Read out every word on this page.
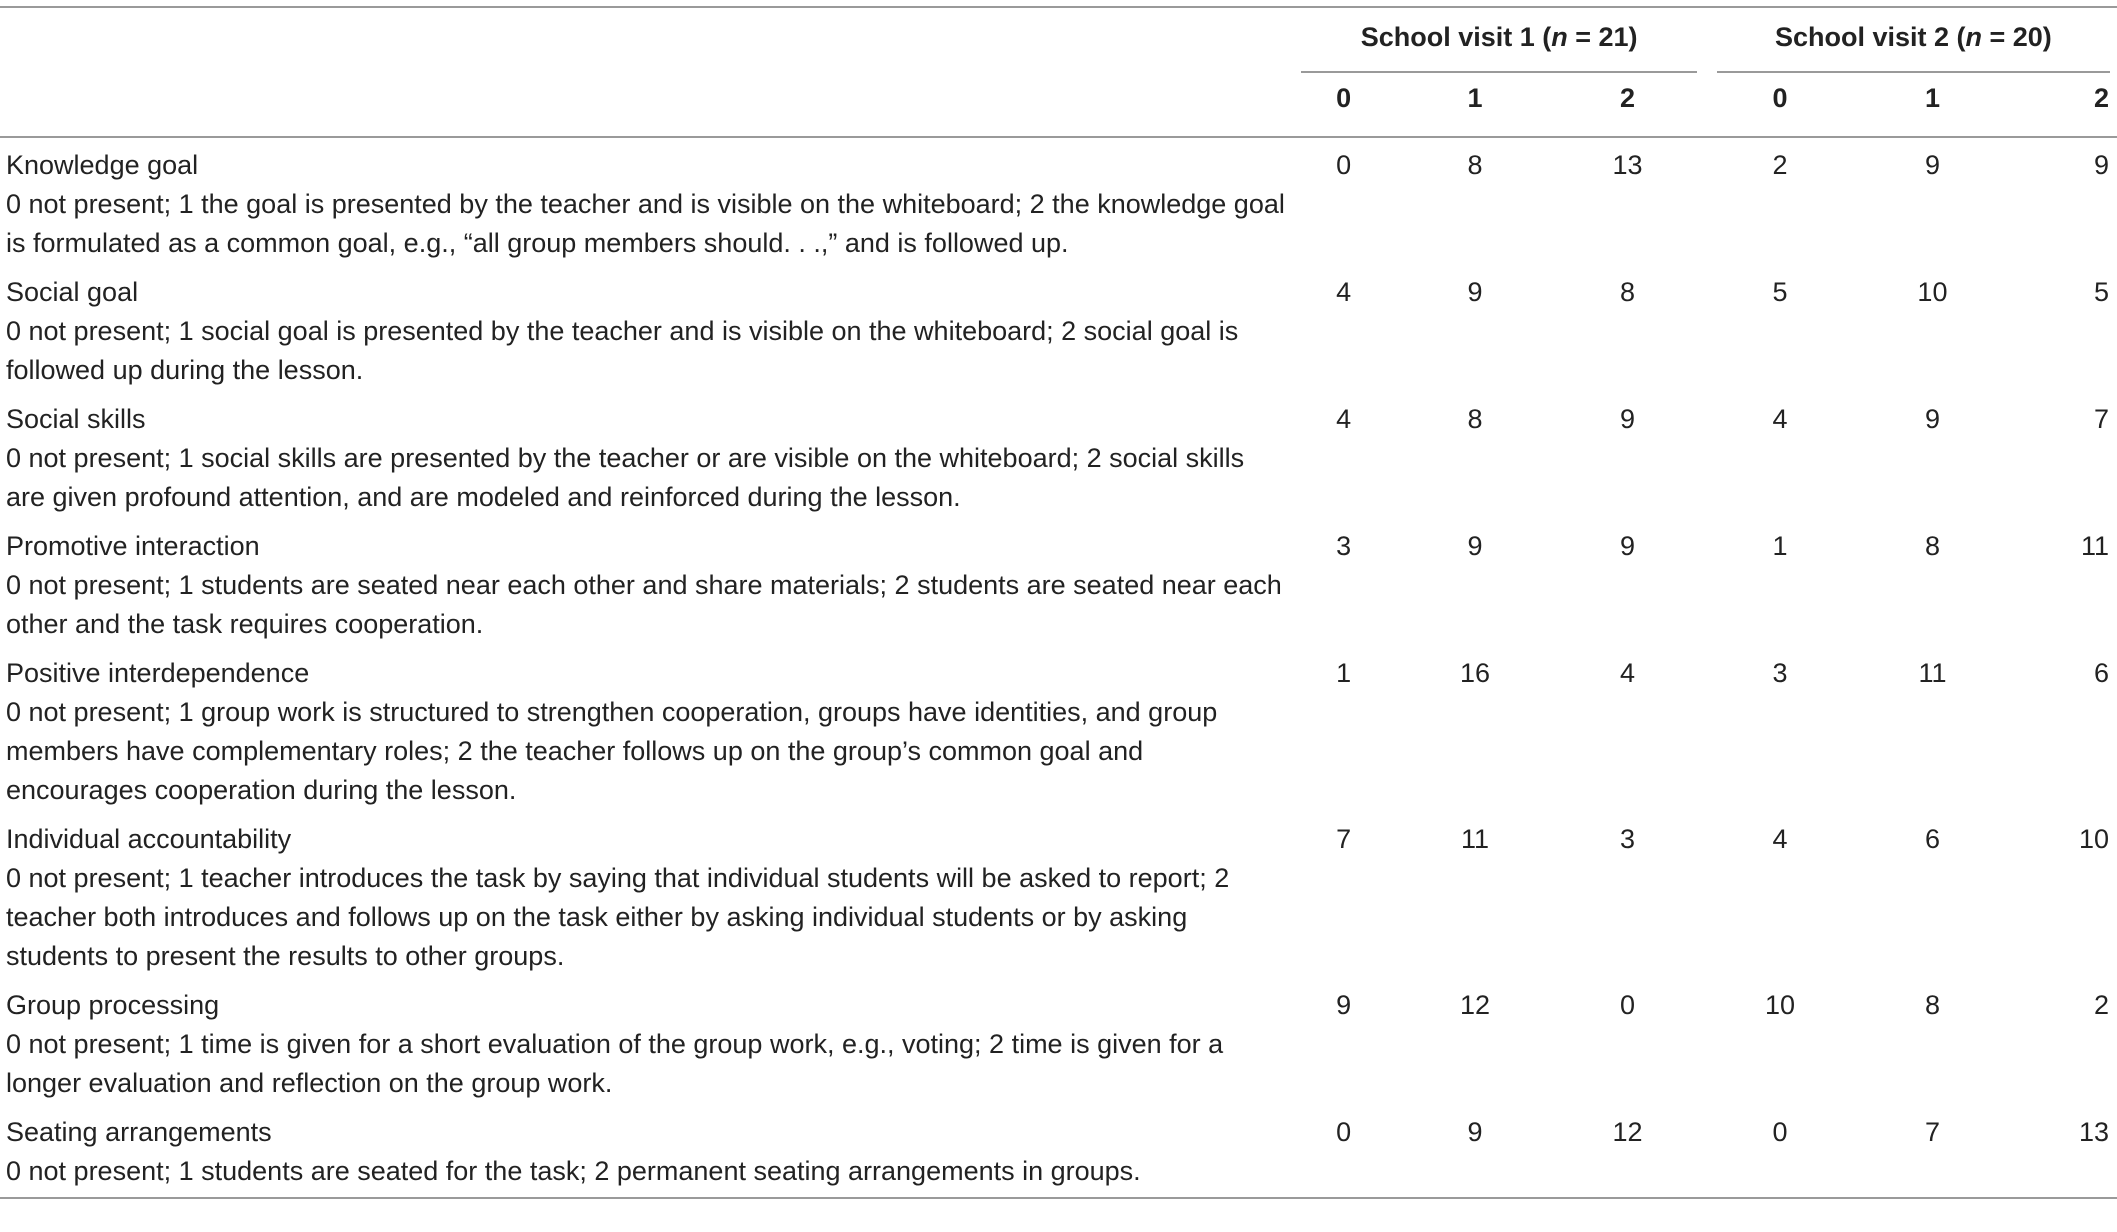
	School visit 1 (n = 21)			School visit 2 (n = 20)		

	0	1	2	0	1	2

Knowledge goal
0 not present; 1 the goal is presented by the teacher and is visible on the whiteboard; 2 the knowledge goal is formulated as a common goal, e.g., “all group members should. . .,” and is followed up.	0	8	13	2	9	9

Social goal
0 not present; 1 social goal is presented by the teacher and is visible on the whiteboard; 2 social goal is followed up during the lesson.	4	9	8	5	10	5

Social skills
0 not present; 1 social skills are presented by the teacher or are visible on the whiteboard; 2 social skills are given profound attention, and are modeled and reinforced during the lesson.	4	8	9	4	9	7

Promotive interaction
0 not present; 1 students are seated near each other and share materials; 2 students are seated near each other and the task requires cooperation.	3	9	9	1	8	11

Positive interdependence
0 not present; 1 group work is structured to strengthen cooperation, groups have identities, and group members have complementary roles; 2 the teacher follows up on the group’s common goal and encourages cooperation during the lesson.	1	16	4	3	11	6

Individual accountability
0 not present; 1 teacher introduces the task by saying that individual students will be asked to report; 2 teacher both introduces and follows up on the task either by asking individual students or by asking students to present the results to other groups.	7	11	3	4	6	10

Group processing
0 not present; 1 time is given for a short evaluation of the group work, e.g., voting; 2 time is given for a longer evaluation and reflection on the group work.	9	12	0	10	8	2

Seating arrangements
0 not present; 1 students are seated for the task; 2 permanent seating arrangements in groups.	0	9	12	0	7	13
